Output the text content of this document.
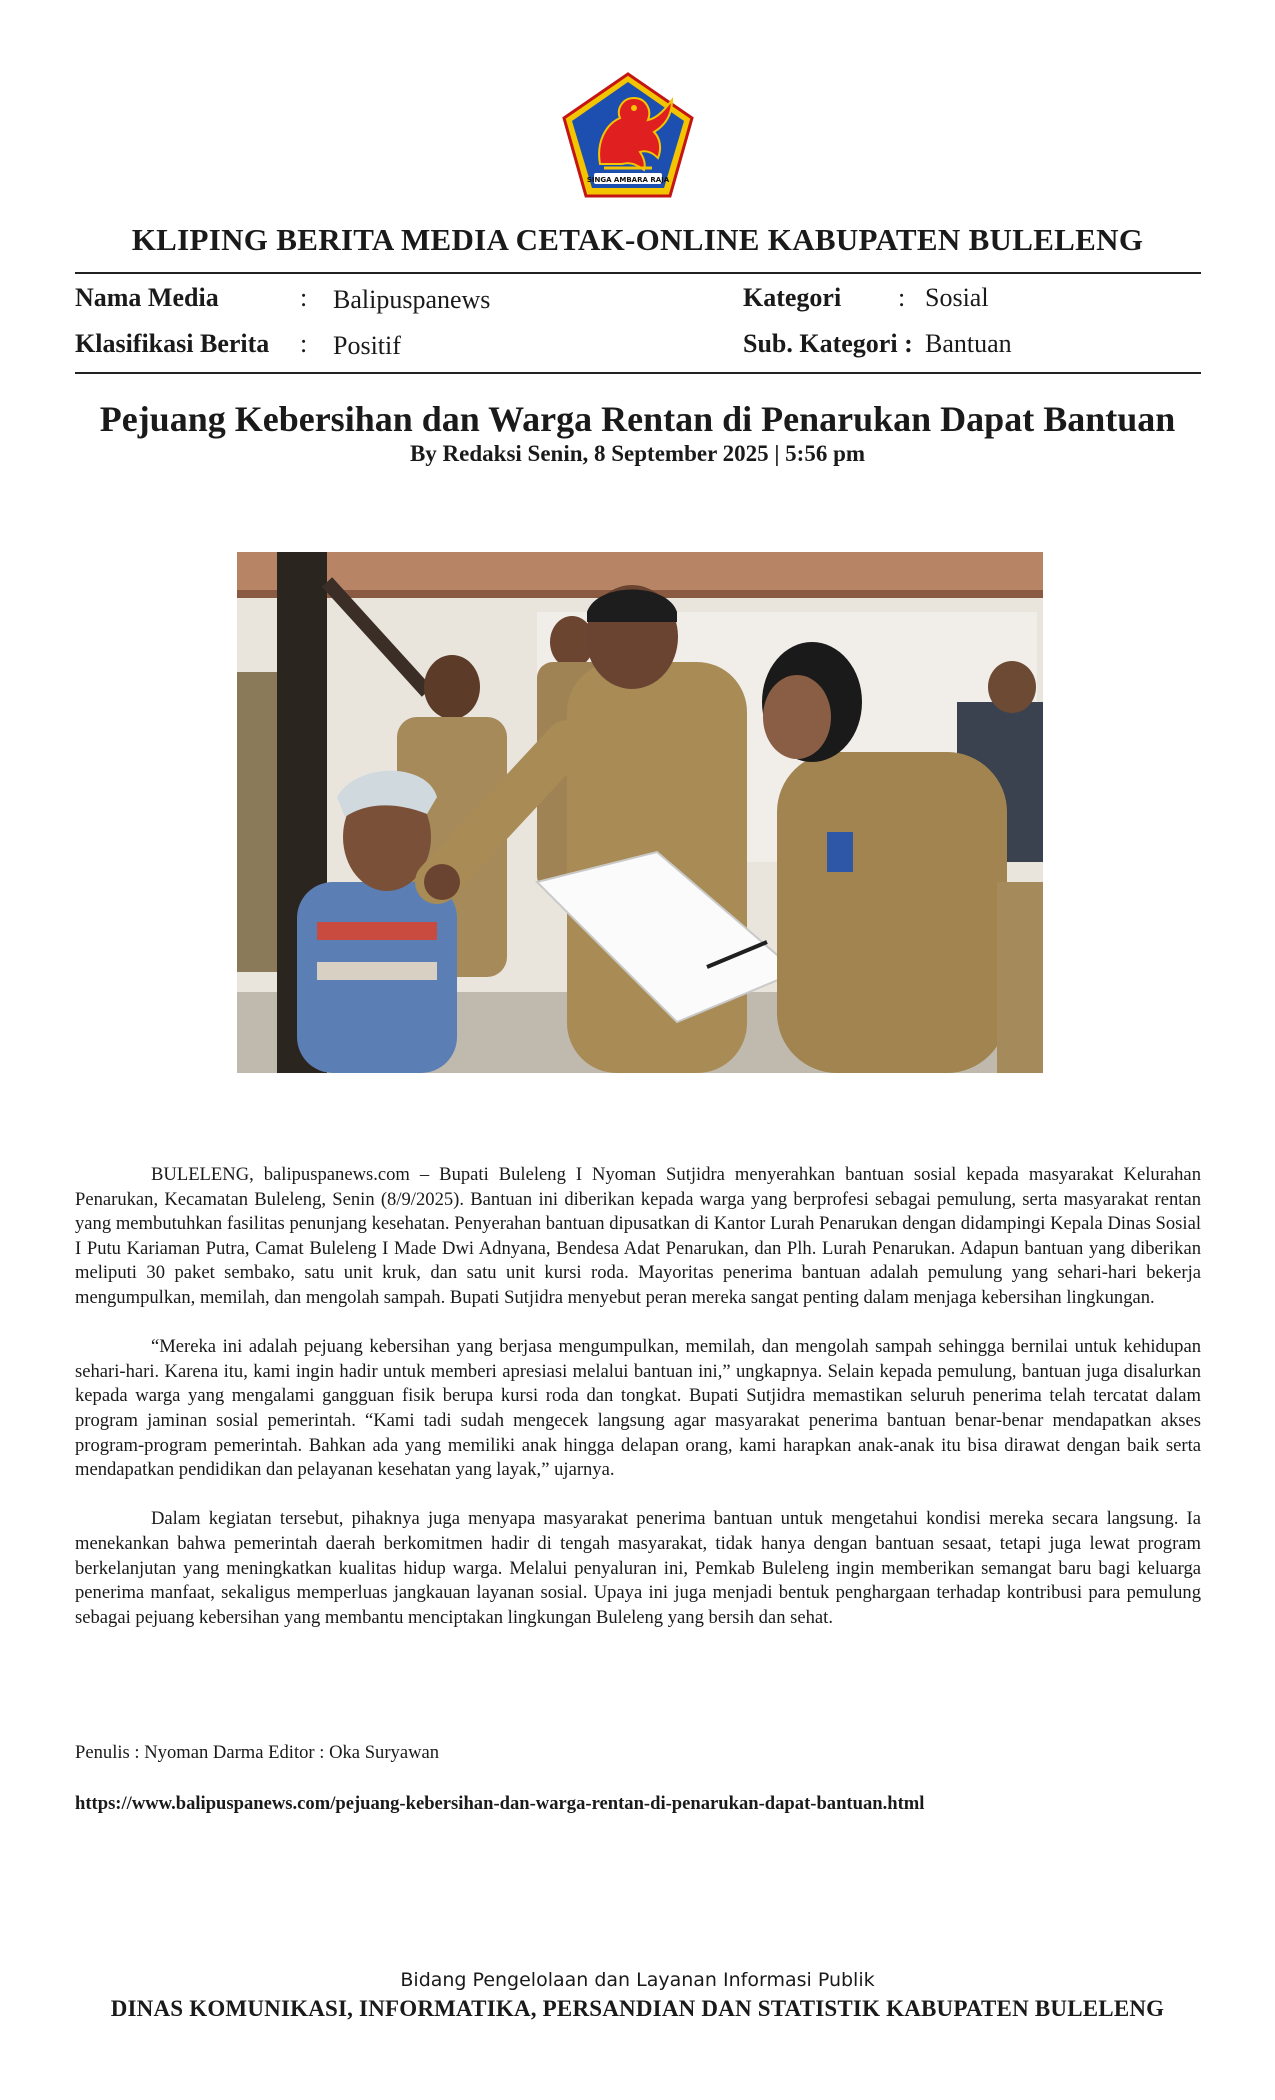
SINGA AMBARA RAJA
KLIPING BERITA MEDIA CETAK-ONLINE KABUPATEN BULELENG
Nama Media	: Balipuspanews
Klasifikasi Berita : Positif
Kategori : Sosial
Sub. Kategori : Bantuan
Pejuang Kebersihan dan Warga Rentan di Penarukan Dapat Bantuan
By Redaksi Senin, 8 September 2025 | 5:56 pm

BULELENG, balipuspanews.com – Bupati Buleleng I Nyoman Sutjidra menyerahkan bantuan sosial kepada masyarakat Kelurahan Penarukan, Kecamatan Buleleng, Senin (8/9/2025). Bantuan ini diberikan kepada warga yang berprofesi sebagai pemulung, serta masyarakat rentan yang membutuhkan fasilitas penunjang kesehatan. Penyerahan bantuan dipusatkan di Kantor Lurah Penarukan dengan didampingi Kepala Dinas Sosial I Putu Kariaman Putra, Camat Buleleng I Made Dwi Adnyana, Bendesa Adat Penarukan, dan Plh. Lurah Penarukan. Adapun bantuan yang diberikan meliputi 30 paket sembako, satu unit kruk, dan satu unit kursi roda. Mayoritas penerima bantuan adalah pemulung yang sehari-hari bekerja mengumpulkan, memilah, dan mengolah sampah. Bupati Sutjidra menyebut peran mereka sangat penting dalam menjaga kebersihan lingkungan.

“Mereka ini adalah pejuang kebersihan yang berjasa mengumpulkan, memilah, dan mengolah sampah sehingga bernilai untuk kehidupan sehari-hari. Karena itu, kami ingin hadir untuk memberi apresiasi melalui bantuan ini,” ungkapnya. Selain kepada pemulung, bantuan juga disalurkan kepada warga yang mengalami gangguan fisik berupa kursi roda dan tongkat. Bupati Sutjidra memastikan seluruh penerima telah tercatat dalam program jaminan sosial pemerintah. “Kami tadi sudah mengecek langsung agar masyarakat penerima bantuan benar-benar mendapatkan akses program-program pemerintah. Bahkan ada yang memiliki anak hingga delapan orang, kami harapkan anak-anak itu bisa dirawat dengan baik serta mendapatkan pendidikan dan pelayanan kesehatan yang layak,” ujarnya.

Dalam kegiatan tersebut, pihaknya juga menyapa masyarakat penerima bantuan untuk mengetahui kondisi mereka secara langsung. Ia menekankan bahwa pemerintah daerah berkomitmen hadir di tengah masyarakat, tidak hanya dengan bantuan sesaat, tetapi juga lewat program berkelanjutan yang meningkatkan kualitas hidup warga. Melalui penyaluran ini, Pemkab Buleleng ingin memberikan semangat baru bagi keluarga penerima manfaat, sekaligus memperluas jangkauan layanan sosial. Upaya ini juga menjadi bentuk penghargaan terhadap kontribusi para pemulung sebagai pejuang kebersihan yang membantu menciptakan lingkungan Buleleng yang bersih dan sehat.

Penulis : Nyoman Darma Editor : Oka Suryawan
https://www.balipuspanews.com/pejuang-kebersihan-dan-warga-rentan-di-penarukan-dapat-bantuan.html
Bidang Pengelolaan dan Layanan Informasi Publik
DINAS KOMUNIKASI, INFORMATIKA, PERSANDIAN DAN STATISTIK KABUPATEN BULELENG
